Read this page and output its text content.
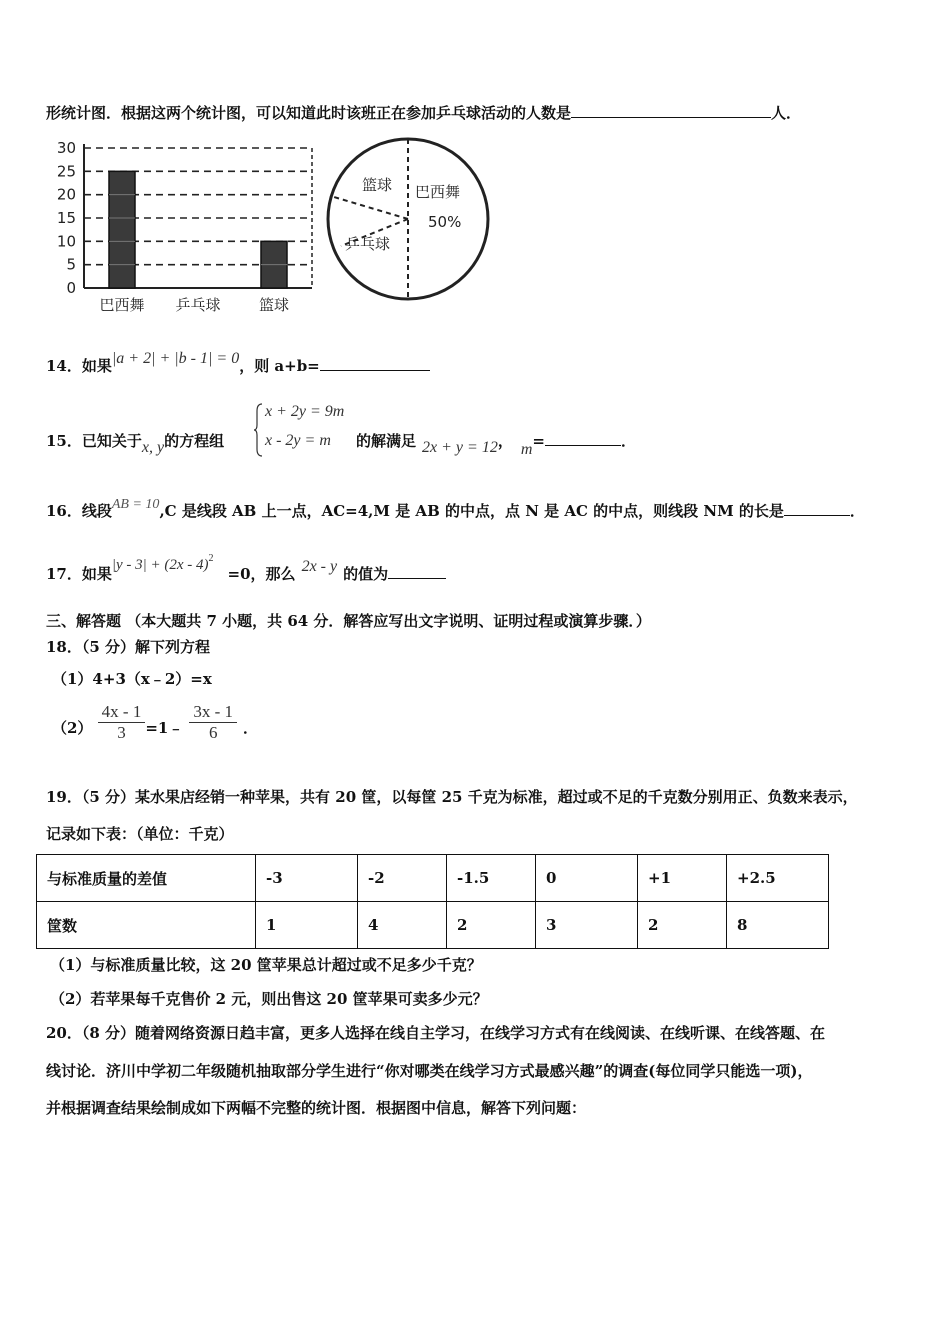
形统计图．根据这两个统计图，可以知道此时该班正在参加乒乓球活动的人数是	人．
0
5
10
15
20
25
30
巴西舞 乒乓球	篮球
篮球 巴西舞
50%
乒乓球
14．如果|a + 2| + |b - 1| = 0，则 a+b=
15．已知关于x, y的方程组
x + 2y = 9m
x - 2y = m 的解满足 2x + y = 12， m=	．
16．线段AB = 10,C 是线段 AB 上一点，AC=4,M 是 AB 的中点，点 N 是 AC 的中点，则线段 NM 的长是	．
17．如果|y - 3| + (2x - 4)$^2$=0，那么 2x - y 的值为
三、解答题 （本大题共 7 小题，共 64 分．解答应写出文字说明、证明过程或演算步骤．）
18．（5 分）解下列方程
（1）4+3（x﹣2）=x
$(2) \frac{4x - 1}{3}$ =1﹣ $\frac{3x - 1}{6}$ ．
19．（5 分）某水果店经销一种苹果，共有 20 筐，以每筐 25 千克为标准，超过或不足的千克数分别用正、负数来表示，
记录如下表：（单位：千克）
与标准质量的差值	-3	-2	-1.5	0	+1	+2.5
筐数	1	4	2	3	2	8
（1）与标准质量比较，这 20 筐苹果总计超过或不足多少千克？
（2）若苹果每千克售价 2 元，则出售这 20 筐苹果可卖多少元？
20．（8 分）随着网络资源日趋丰富，更多人选择在线自主学习，在线学习方式有在线阅读、在线听课、在线答题、在
线讨论．济川中学初二年级随机抽取部分学生进行“你对哪类在线学习方式最感兴趣”的调查(每位同学只能选一项)，
并根据调查结果绘制成如下两幅不完整的统计图．根据图中信息，解答下列问题：
